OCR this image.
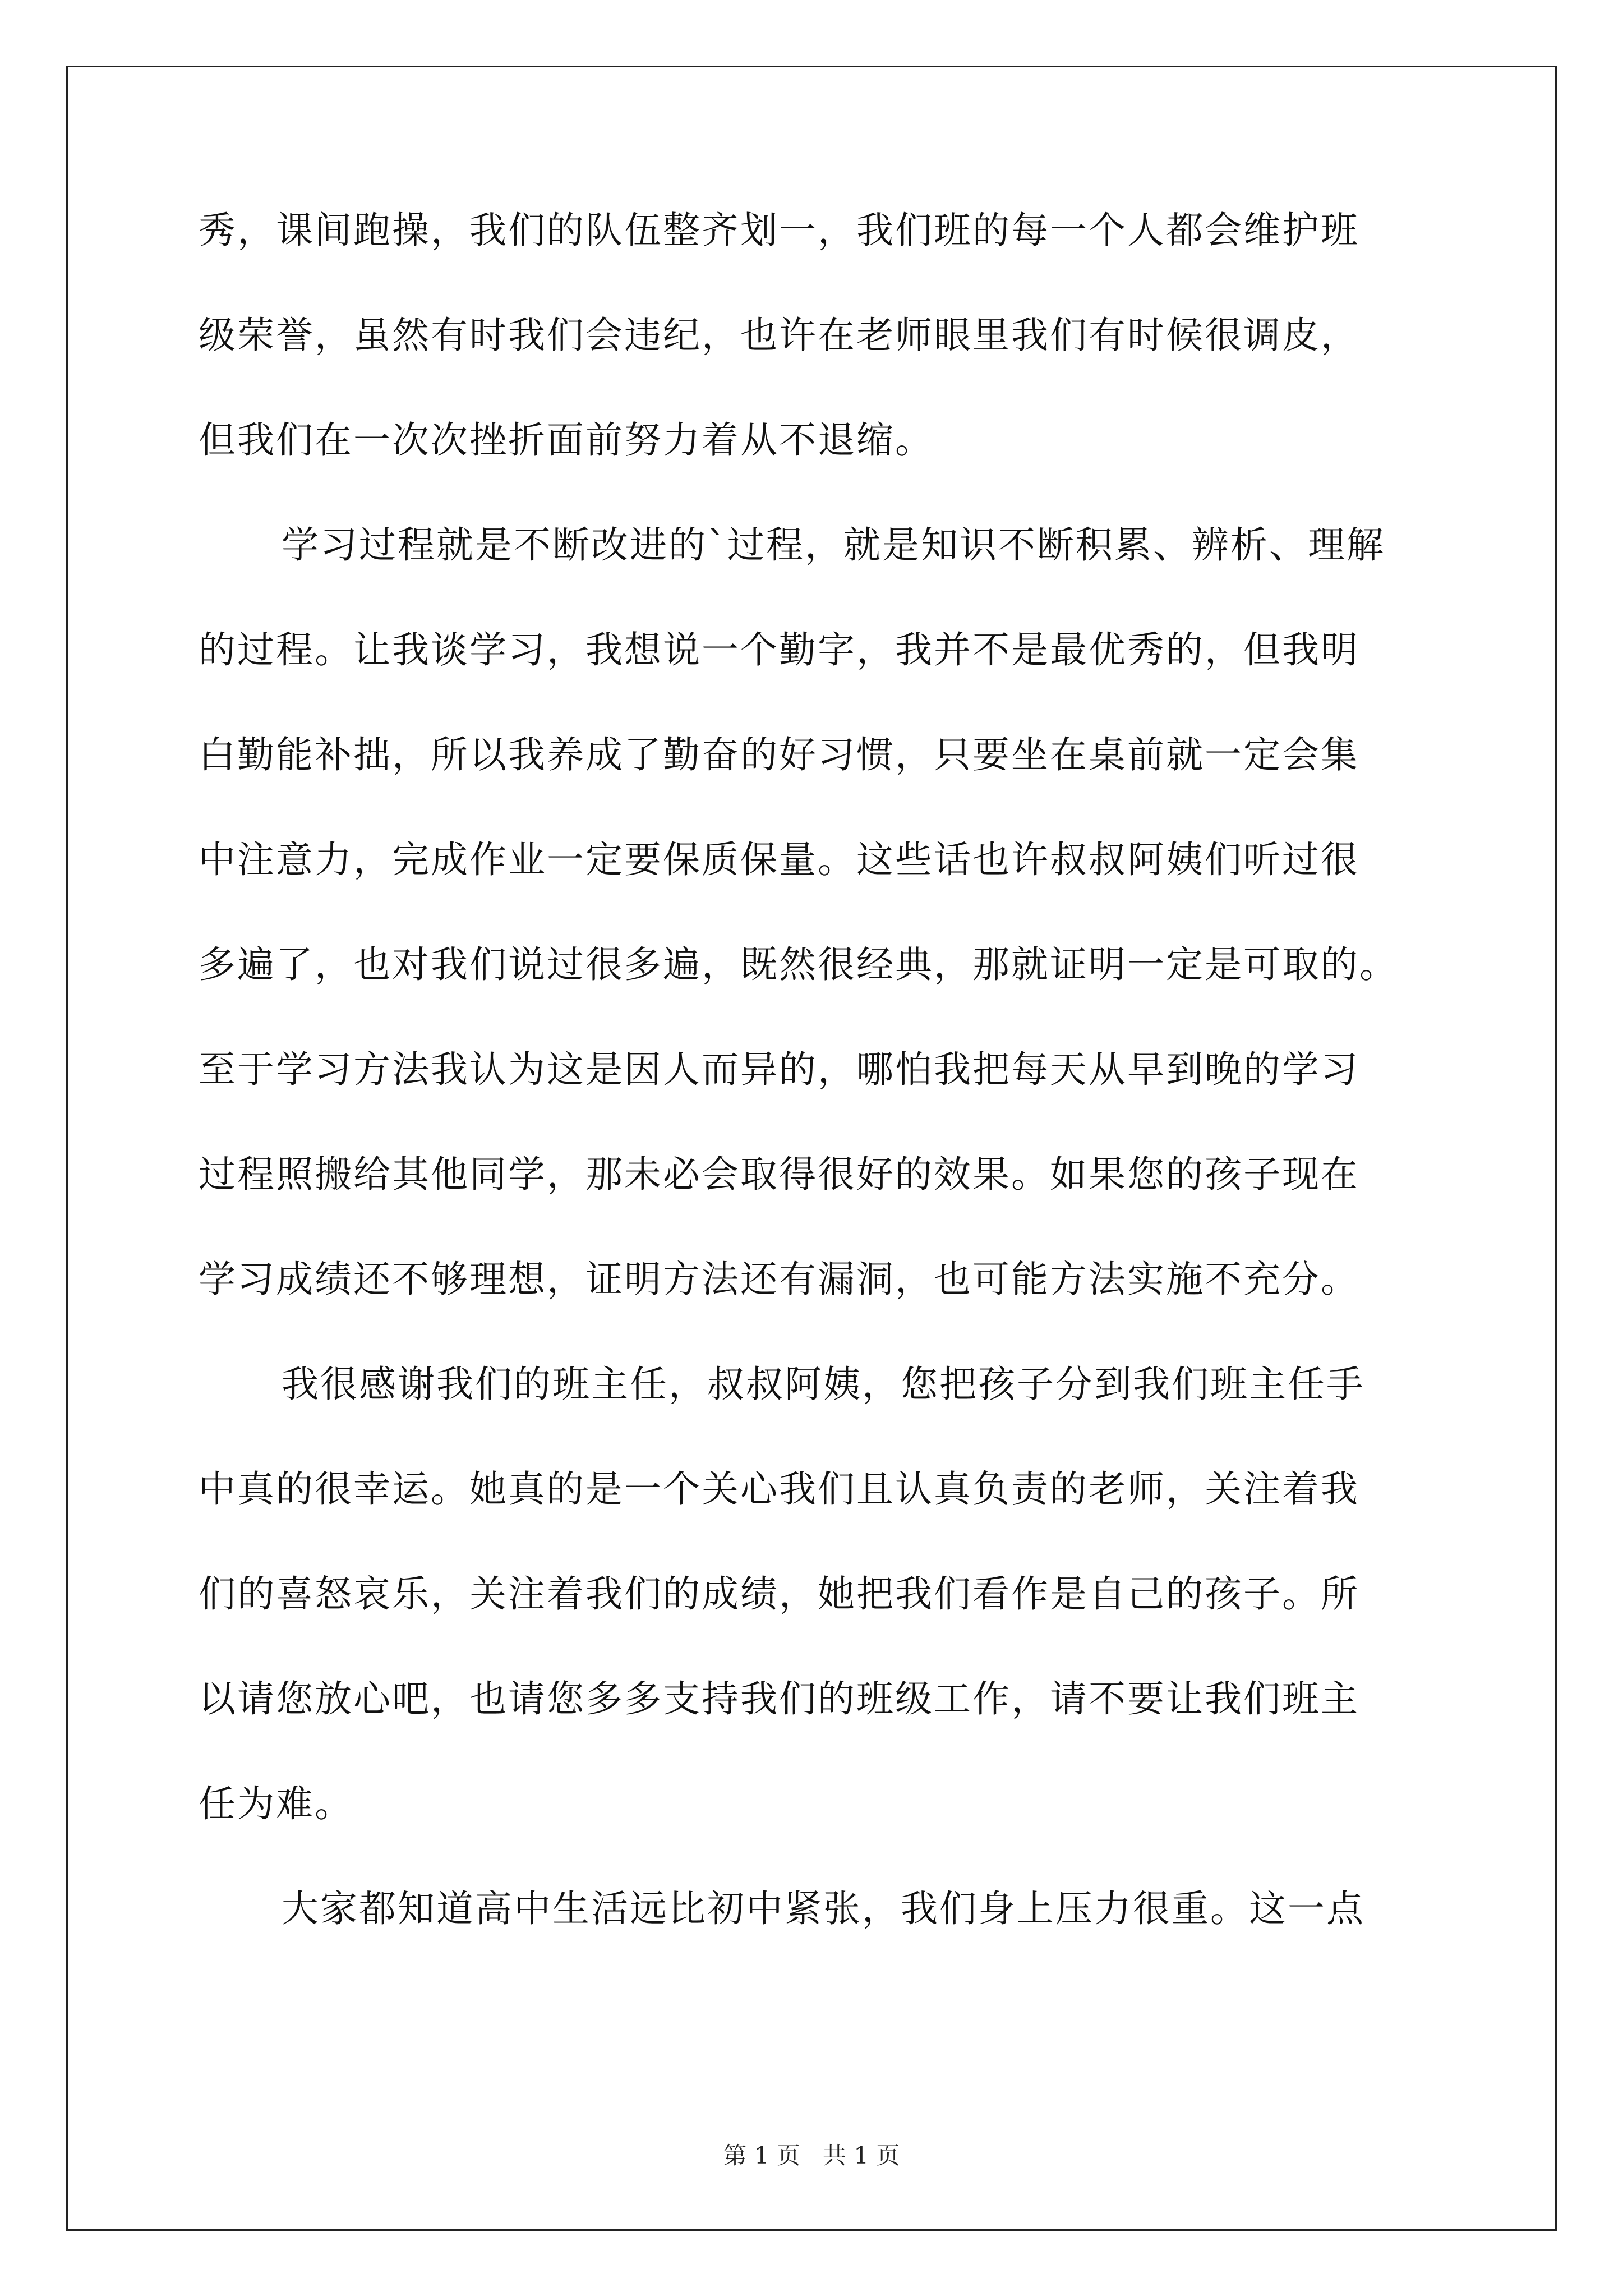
秀，课间跑操，我们的队伍整齐划一，我们班的每一个人都会维护班
级荣誉，虽然有时我们会违纪，也许在老师眼里我们有时候很调皮，
但我们在一次次挫折面前努力着从不退缩。
学习过程就是不断改进的`过程，就是知识不断积累、辨析、理解
的过程。让我谈学习，我想说一个勤字，我并不是最优秀的，但我明
白勤能补拙，所以我养成了勤奋的好习惯，只要坐在桌前就一定会集
中注意力，完成作业一定要保质保量。这些话也许叔叔阿姨们听过很
多遍了，也对我们说过很多遍，既然很经典，那就证明一定是可取的。
至于学习方法我认为这是因人而异的，哪怕我把每天从早到晚的学习
过程照搬给其他同学，那未必会取得很好的效果。如果您的孩子现在
学习成绩还不够理想，证明方法还有漏洞，也可能方法实施不充分。
我很感谢我们的班主任，叔叔阿姨，您把孩子分到我们班主任手
中真的很幸运。她真的是一个关心我们且认真负责的老师，关注着我
们的喜怒哀乐，关注着我们的成绩，她把我们看作是自己的孩子。所
以请您放心吧，也请您多多支持我们的班级工作，请不要让我们班主
任为难。
大家都知道高中生活远比初中紧张，我们身上压力很重。这一点
第 1 页   共 1 页
